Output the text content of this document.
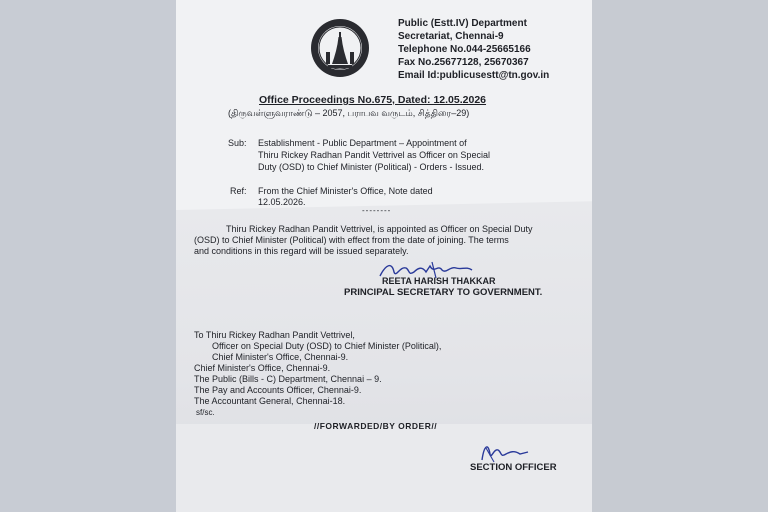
Public (Estt.IV) Department
Secretariat, Chennai-9
Telephone No.044-25665166
Fax No.25677128, 25670367
Email Id:publicusestt@tn.gov.in
Office Proceedings No.675, Dated: 12.05.2026
(திருவள்ளுவராண்டு – 2057, பராபவ வருடம், சித்திரை–29)
Sub: Establishment - Public Department – Appointment of
Thiru Rickey Radhan Pandit Vettrivel as Officer on Special
Duty (OSD) to Chief Minister (Political) - Orders - Issued.
Ref: From the Chief Minister's Office, Note dated
12.05.2026.
--------
Thiru Rickey Radhan Pandit Vettrivel, is appointed as Officer on Special Duty
(OSD) to Chief Minister (Political) with effect from the date of joining. The terms
and conditions in this regard will be issued separately.
REETA HARISH THAKKAR
PRINCIPAL SECRETARY TO GOVERNMENT.
To Thiru Rickey Radhan Pandit Vettrivel,
Officer on Special Duty (OSD) to Chief Minister (Political),
Chief Minister's Office, Chennai-9.
Chief Minister's Office, Chennai-9.
The Public (Bills - C) Department, Chennai – 9.
The Pay and Accounts Officer, Chennai-9.
The Accountant General, Chennai-18.
sf/sc.
//FORWARDED/BY ORDER//
SECTION OFFICER
